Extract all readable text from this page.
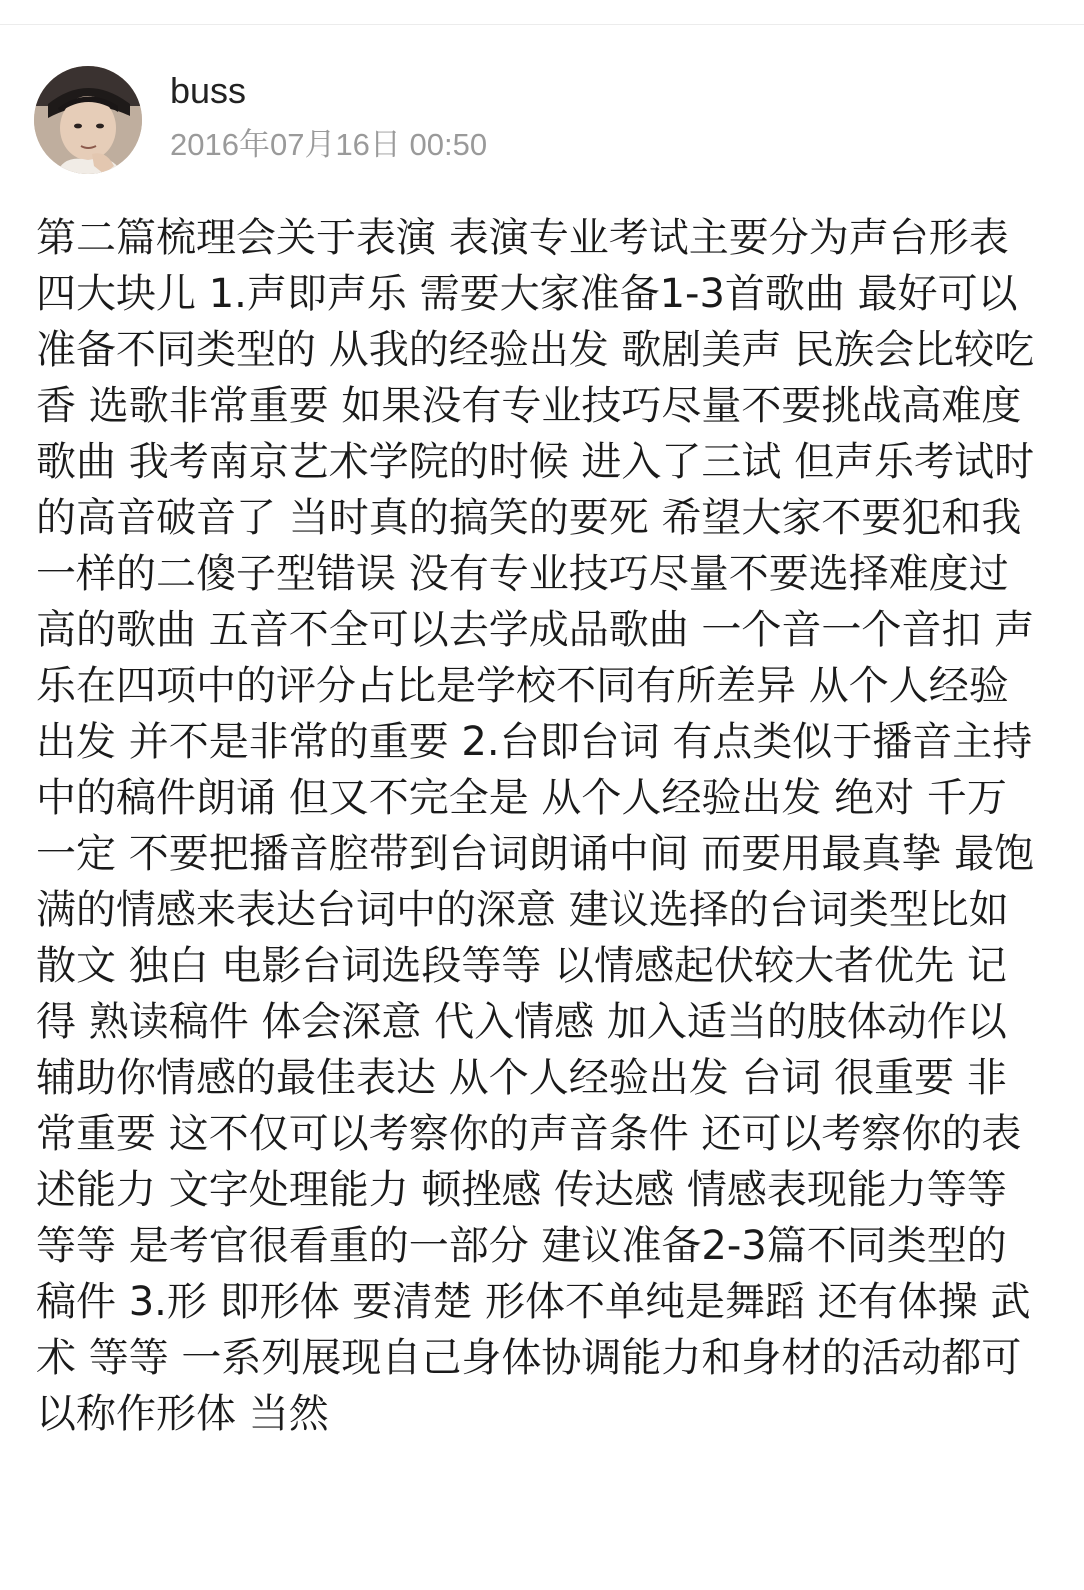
buss
2016年07月16日 00:50
第二篇梳理会关于表演 表演专业考试主要分为声台形表四大块儿 1.声即声乐 需要大家准备1-3首歌曲 最好可以准备不同类型的 从我的经验出发 歌剧美声 民族会比较吃香 选歌非常重要 如果没有专业技巧尽量不要挑战高难度歌曲 我考南京艺术学院的时候 进入了三试 但声乐考试时的高音破音了 当时真的搞笑的要死 希望大家不要犯和我一样的二傻子型错误 没有专业技巧尽量不要选择难度过高的歌曲 五音不全可以去学成品歌曲 一个音一个音扣 声乐在四项中的评分占比是学校不同有所差异 从个人经验出发 并不是非常的重要 2.台即台词 有点类似于播音主持中的稿件朗诵 但又不完全是 从个人经验出发 绝对 千万 一定 不要把播音腔带到台词朗诵中间 而要用最真挚 最饱满的情感来表达台词中的深意 建议选择的台词类型比如散文 独白 电影台词选段等等 以情感起伏较大者优先 记得 熟读稿件 体会深意 代入情感 加入适当的肢体动作以辅助你情感的最佳表达 从个人经验出发 台词 很重要 非常重要 这不仅可以考察你的声音条件 还可以考察你的表述能力 文字处理能力 顿挫感 传达感 情感表现能力等等等等 是考官很看重的一部分 建议准备2-3篇不同类型的稿件 3.形 即形体 要清楚 形体不单纯是舞蹈 还有体操 武术 等等 一系列展现自己身体协调能力和身材的活动都可以称作形体 当然
